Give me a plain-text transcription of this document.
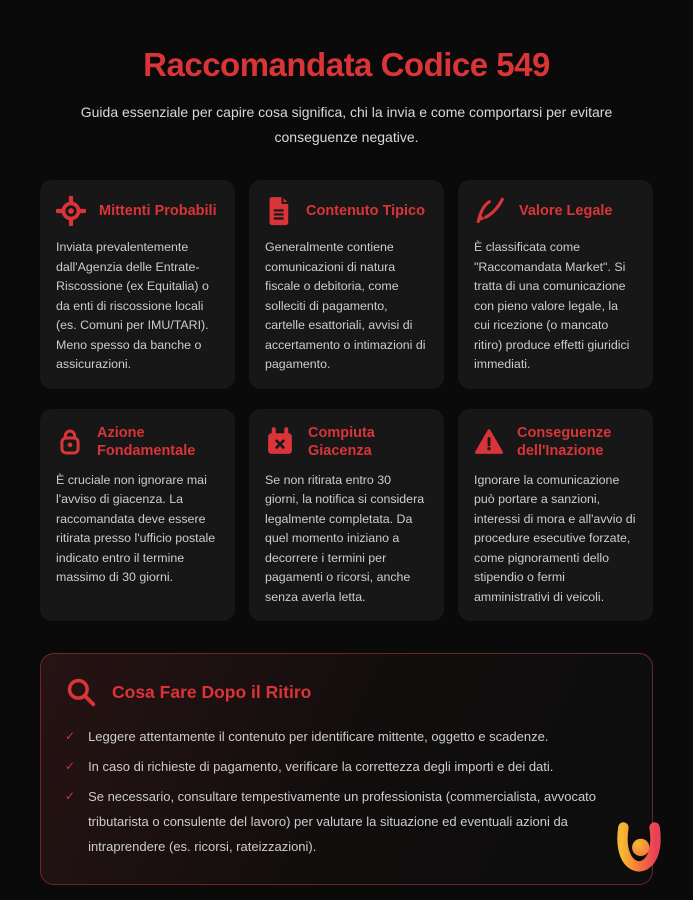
Raccomandata Codice 549
Guida essenziale per capire cosa significa, chi la invia e come comportarsi per evitare conseguenze negative.
Mittenti Probabili
Inviata prevalentemente dall'Agenzia delle Entrate-Riscossione (ex Equitalia) o da enti di riscossione locali (es. Comuni per IMU/TARI). Meno spesso da banche o assicurazioni.
Contenuto Tipico
Generalmente contiene comunicazioni di natura fiscale o debitoria, come solleciti di pagamento, cartelle esattoriali, avvisi di accertamento o intimazioni di pagamento.
Valore Legale
È classificata come "Raccomandata Market". Si tratta di una comunicazione con pieno valore legale, la cui ricezione (o mancato ritiro) produce effetti giuridici immediati.
Azione Fondamentale
È cruciale non ignorare mai l'avviso di giacenza. La raccomandata deve essere ritirata presso l'ufficio postale indicato entro il termine massimo di 30 giorni.
Compiuta Giacenza
Se non ritirata entro 30 giorni, la notifica si considera legalmente completata. Da quel momento iniziano a decorrere i termini per pagamenti o ricorsi, anche senza averla letta.
Conseguenze dell'Inazione
Ignorare la comunicazione può portare a sanzioni, interessi di mora e all'avvio di procedure esecutive forzate, come pignoramenti dello stipendio o fermi amministrativi di veicoli.
Cosa Fare Dopo il Ritiro
✓ Leggere attentamente il contenuto per identificare mittente, oggetto e scadenze.
✓ In caso di richieste di pagamento, verificare la correttezza degli importi e dei dati.
✓ Se necessario, consultare tempestivamente un professionista (commercialista, avvocato tributarista o consulente del lavoro) per valutare la situazione ed eventuali azioni da intraprendere (es. ricorsi, rateizzazioni).
